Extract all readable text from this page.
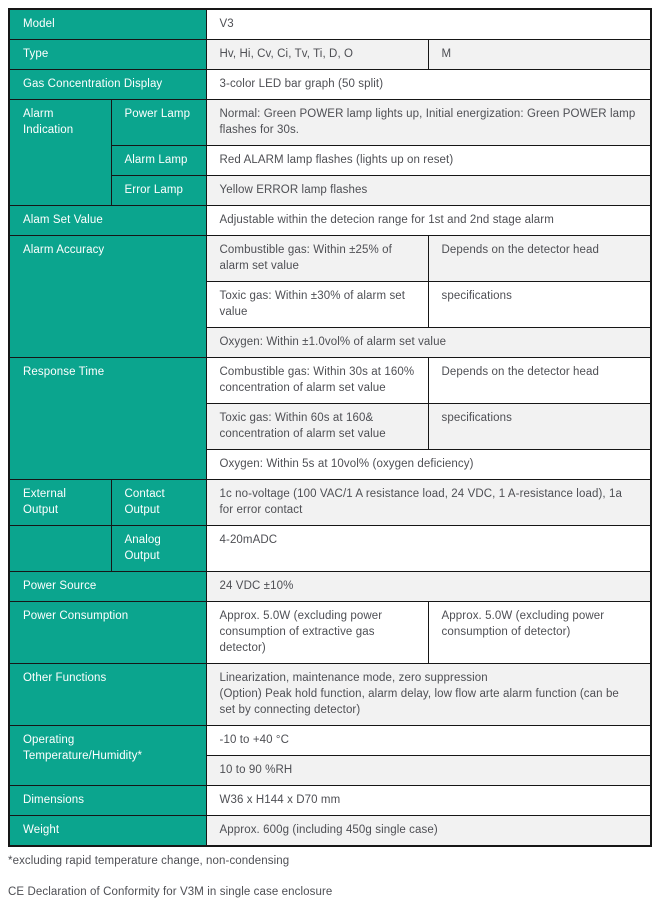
Model		V3	
Type		Hv, Hi, Cv, Ci, Tv, Ti, D, O	M
Gas Concentration Display		3-color LED bar graph (50 split)	
Alarm Indication	Power Lamp	Normal: Green POWER lamp lights up, Initial energization: Green POWER lamp flashes for 30s.	
	Alarm Lamp	Red ALARM lamp flashes (lights up on reset)	
	Error Lamp	Yellow ERROR lamp flashes	
Alam Set Value		Adjustable within the detecion range for 1st and 2nd stage alarm	
Alarm Accuracy		Combustible gas: Within ±25% of alarm set value	Depends on the detector head
		Toxic gas: Within ±30% of alarm set value	specifications
		Oxygen: Within ±1.0vol% of alarm set value	
Response Time		Combustible gas: Within 30s at 160% concentration of alarm set value	Depends on the detector head
		Toxic gas: Within 60s at 160& concentration of alarm set value	specifications
		Oxygen: Within 5s at 10vol% (oxygen deficiency)	
External Output	Contact Output	1c no-voltage (100 VAC/1 A resistance load, 24 VDC, 1 A-resistance load), 1a for error contact	
	Analog Output	4-20mADC	
Power Source		24 VDC ±10%	
Power Consumption		Approx. 5.0W (excluding power consumption of extractive gas detector)	Approx. 5.0W (excluding power consumption of detector)
Other Functions		Linearization, maintenance mode, zero suppression
(Option) Peak hold function, alarm delay, low flow arte alarm function (can be set by connecting detector)	

Operating Temperature/Humidity*		-10 to +40 °C	
		10 to 90 %RH	
Dimensions		W36 x H144 x D70 mm	
Weight		Approx. 600g (including 450g single case)	

*excluding rapid temperature change, non-condensing

CE Declaration of Conformity for V3M in single case enclosure
